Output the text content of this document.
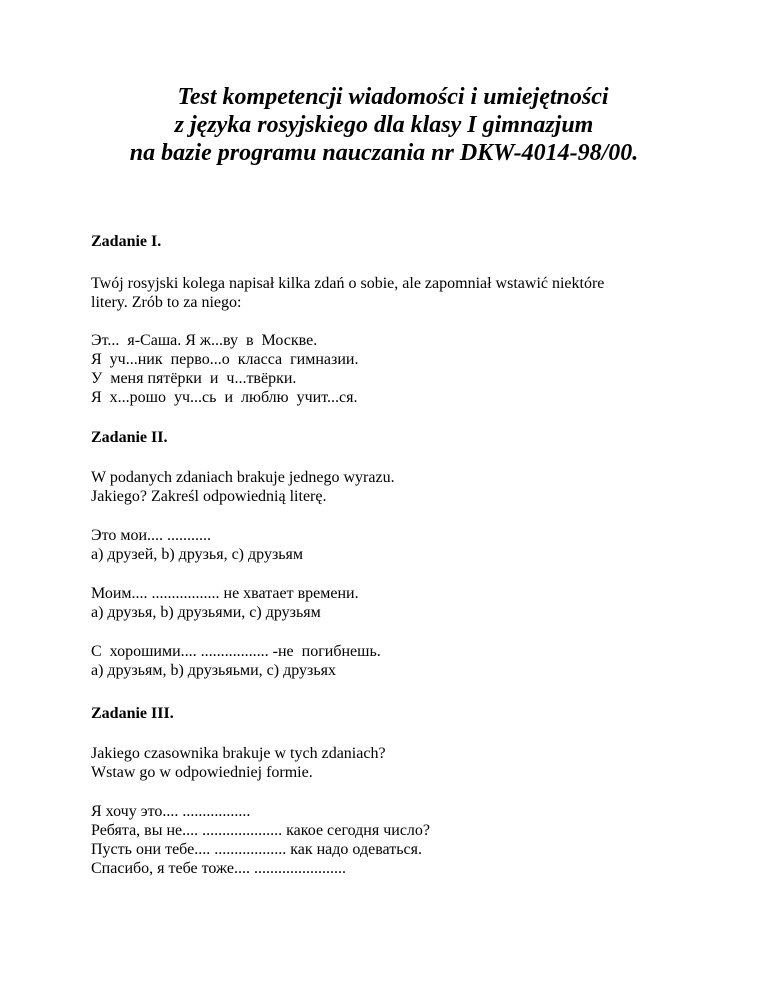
Test kompetencji wiadomości i umiejętności
z języka rosyjskiego dla klasy I gimnazjum
na bazie programu nauczania nr DKW-4014-98/00.
Zadanie I.
Twój rosyjski kolega napisał kilka zdań o sobie, ale zapomniał wstawić niektóre
litery. Zrób to za niego:
Эт...  я-Саша. Я ж...ву  в  Москве.
Я  уч...ник  перво...о  класса  гимназии.
У  меня пятёрки  и  ч...твёрки.
Я  х...рошо  уч...сь  и  люблю  учит...ся.
Zadanie II.
W podanych zdaniach brakuje jednego wyrazu.
Jakiego? Zakreśl odpowiednią literę.
Это мои.... ...........
a) друзей, b) друзья, c) друзьям
Моим.... ................. не хватает времени.
a) друзья, b) друзьями, c) друзьям
С  хорошими.... ................. -не  погибнешь.
a) друзьям, b) друзьяьми, c) друзьях
Zadanie III.
Jakiego czasownika brakuje w tych zdaniach?
Wstaw go w odpowiedniej formie.
Я хочу это.... .................
Ребята, вы не.... .................... какое сегодня число?
Пусть они тебе.... .................. как надо одеваться.
Спасибо, я тебе тоже.... .......................
